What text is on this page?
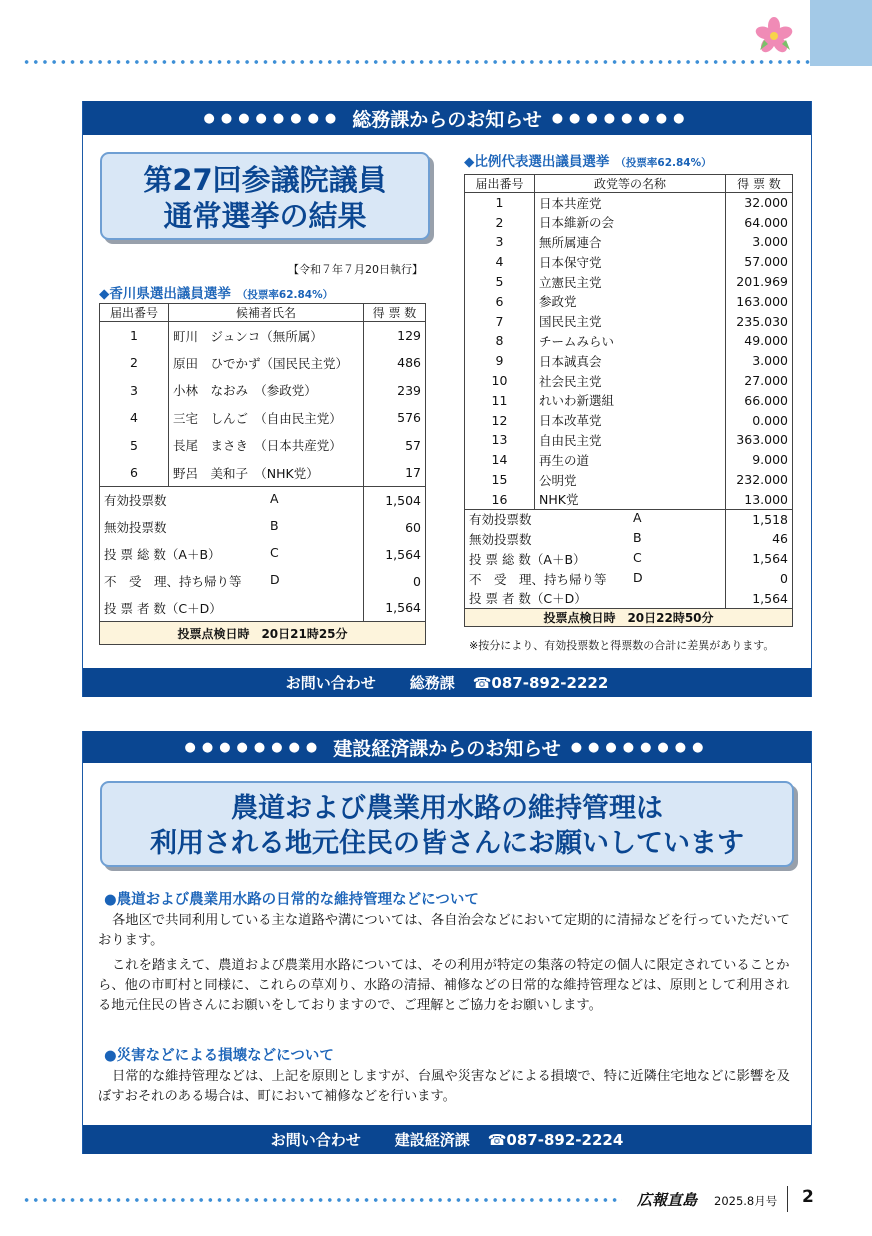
●●●●●●●● 総務課からのお知らせ ●●●●●●●●
第27回参議院議員
通常選挙の結果
【令和７年７月20日執行】
◆香川県選出議員選挙 （投票率62.84%）
届出番号	候補者氏名	得 票 数
1	町川　ジュンコ（無所属）	129
2	原田　ひでかず（国民民主党）	486
3	小林　なおみ　（参政党）	239
4	三宅　しんご　（自由民主党）	576
5	長尾　まさき　（日本共産党）	57
6	野呂　美和子　（NHK党）	17
有効投票数 A		1,504
無効投票数 B		60
投 票 総 数（A＋B） C		1,564
不　受　理、持ち帰り等 D		0
投 票 者 数（C＋D）		1,564
投票点検日時　20日21時25分		
◆比例代表選出議員選挙 （投票率62.84%）
届出番号	政党等の名称	得 票 数
1	日本共産党	32.000
2	日本維新の会	64.000
3	無所属連合	3.000
4	日本保守党	57.000
5	立憲民主党	201.969
6	参政党	163.000
7	国民民主党	235.030
8	チームみらい	49.000
9	日本誠真会	3.000
10	社会民主党	27.000
11	れいわ新選組	66.000
12	日本改革党	0.000
13	自由民主党	363.000
14	再生の道	9.000
15	公明党	232.000
16	NHK党	13.000
有効投票数 A		1,518
無効投票数 B		46
投 票 総 数（A＋B） C		1,564
不　受　理、持ち帰り等 D		0
投 票 者 数（C＋D）		1,564
投票点検日時　20日22時50分		
※按分により、有効投票数と得票数の合計に差異があります。
お問い合わせ 総務課 ☎087-892-2222
●●●●●●●● 建設経済課からのお知らせ ●●●●●●●●
農道および農業用水路の維持管理は
利用される地元住民の皆さんにお願いしています
お問い合わせ 建設経済課 ☎087-892-2224
●農道および農業用水路の日常的な維持管理などについて
各地区で共同利用している主な道路や溝については、各自治会などにおいて定期的に清掃などを行っていただいております。
これを踏まえて、農道および農業用水路については、その利用が特定の集落の特定の個人に限定されていることから、他の市町村と同様に、これらの草刈り、水路の清掃、補修などの日常的な維持管理などは、原則として利用される地元住民の皆さんにお願いをしておりますので、ご理解とご協力をお願いします。
●災害などによる損壊などについて
日常的な維持管理などは、上記を原則としますが、台風や災害などによる損壊で、特に近隣住宅地などに影響を及ぼすおそれのある場合は、町において補修などを行います。
広報直島 2025.8月号 2
